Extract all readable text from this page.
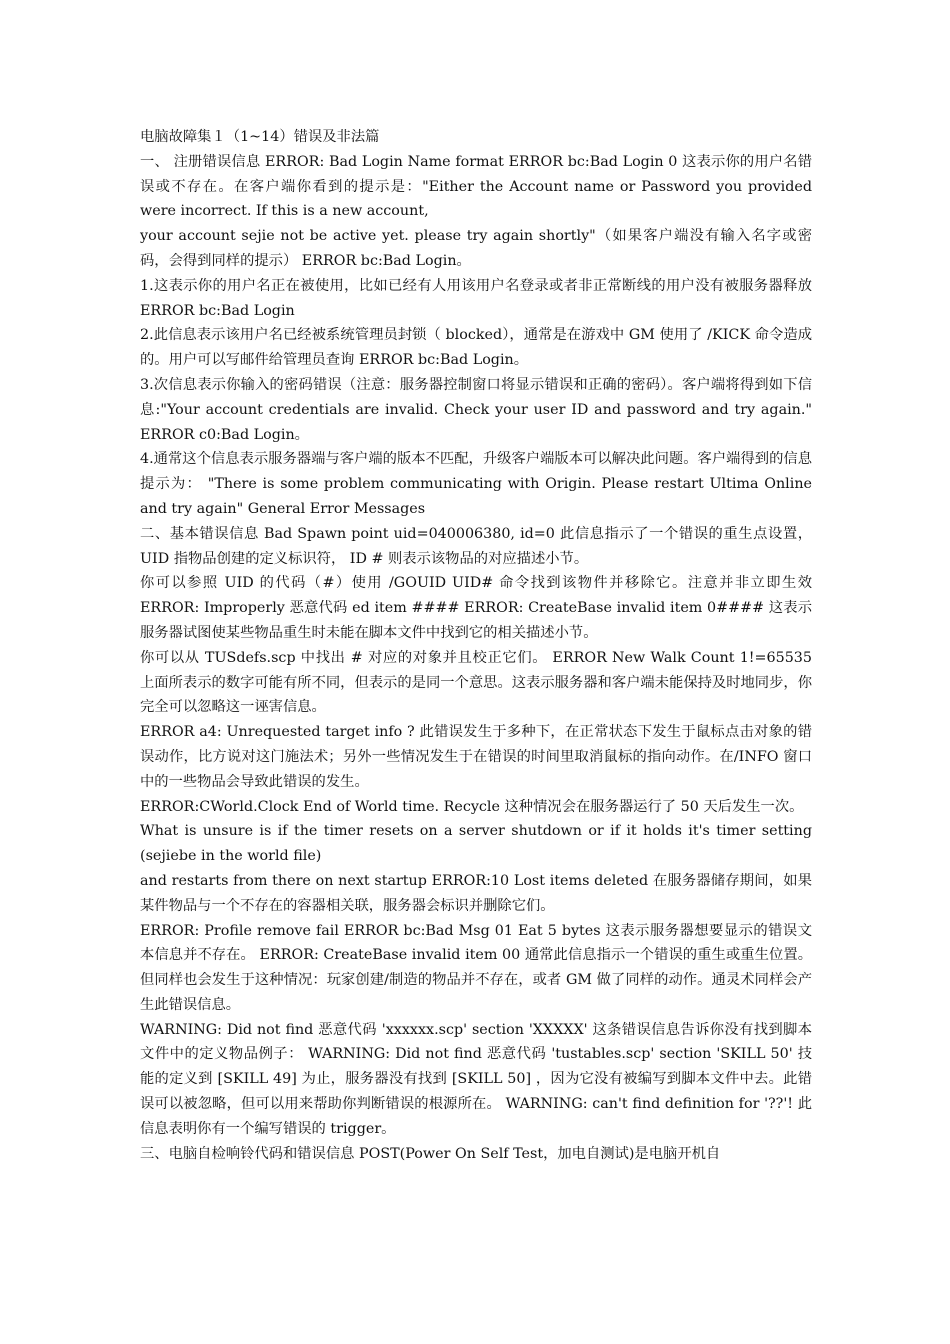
电脑故障集１（1~14）错误及非法篇
一、 注册错误信息 ERROR: Bad Login Name format ERROR bc:Bad Login 0 这表示你的用户名错误或不存在。在客户端你看到的提示是："Either the Account name or Password you provided were incorrect. If this is a new account,
your account sejie not be active yet. please try again shortly"（如果客户端没有输入名字或密码，会得到同样的提示） ERROR bc:Bad Login。
1.这表示你的用户名正在被使用，比如已经有人用该用户名登录或者非正常断线的用户没有被服务器释放 ERROR bc:Bad Login
2.此信息表示该用户名已经被系统管理员封锁（ blocked），通常是在游戏中 GM 使用了 /KICK 命令造成的。用户可以写邮件给管理员查询 ERROR bc:Bad Login。
3.次信息表示你输入的密码错误（注意：服务器控制窗口将显示错误和正确的密码）。客户端将得到如下信息:"Your account credentials are invalid. Check your user ID and password and try again." ERROR c0:Bad Login。
4.通常这个信息表示服务器端与客户端的版本不匹配，升级客户端版本可以解决此问题。客户端得到的信息提示为： "There is some problem communicating with Origin. Please restart Ultima Online and try again" General Error Messages
二、基本错误信息 Bad Spawn point uid=040006380, id=0 此信息指示了一个错误的重生点设置，UID 指物品创建的定义标识符， ID # 则表示该物品的对应描述小节。
你可以参照 UID 的代码（#）使用 /GOUID UID# 命令找到该物件并移除它。注意并非立即生效 ERROR: Improperly 恶意代码 ed item #### ERROR: CreateBase invalid item 0#### 这表示服务器试图使某些物品重生时未能在脚本文件中找到它的相关描述小节。
你可以从 TUSdefs.scp 中找出 # 对应的对象并且校正它们。 ERROR New Walk Count 1!=65535 上面所表示的数字可能有所不同，但表示的是同一个意思。这表示服务器和客户端未能保持及时地同步，你完全可以忽略这一诬害信息。
ERROR a4: Unrequested target info ? 此错误发生于多种下，在正常状态下发生于鼠标点击对象的错误动作，比方说对这门施法术；另外一些情况发生于在错误的时间里取消鼠标的指向动作。在/INFO 窗口中的一些物品会导致此错误的发生。
ERROR:CWorld.Clock End of World time. Recycle 这种情况会在服务器运行了 50 天后发生一次。
What is unsure is if the timer resets on a server shutdown or if it holds it's timer setting (sejiebe in the world file)
and restarts from there on next startup ERROR:10 Lost items deleted 在服务器储存期间，如果某件物品与一个不存在的容器相关联，服务器会标识并删除它们。
ERROR: Profile remove fail ERROR bc:Bad Msg 01 Eat 5 bytes 这表示服务器想要显示的错误文本信息并不存在。 ERROR: CreateBase invalid item 00 通常此信息指示一个错误的重生或重生位置。但同样也会发生于这种情况：玩家创建/制造的物品并不存在，或者 GM 做了同样的动作。通灵术同样会产生此错误信息。
WARNING: Did not find 恶意代码 'xxxxxx.scp' section 'XXXXX' 这条错误信息告诉你没有找到脚本文件中的定义物品例子： WARNING: Did not find 恶意代码 'tustables.scp' section 'SKILL 50' 技能的定义到 [SKILL 49] 为止，服务器没有找到 [SKILL 50] ，因为它没有被编写到脚本文件中去。此错误可以被忽略，但可以用来帮助你判断错误的根源所在。 WARNING: can't find definition for '??'! 此信息表明你有一个编写错误的 trigger。
三、电脑自检响铃代码和错误信息 POST(Power On Self Test，加电自测试)是电脑开机自
